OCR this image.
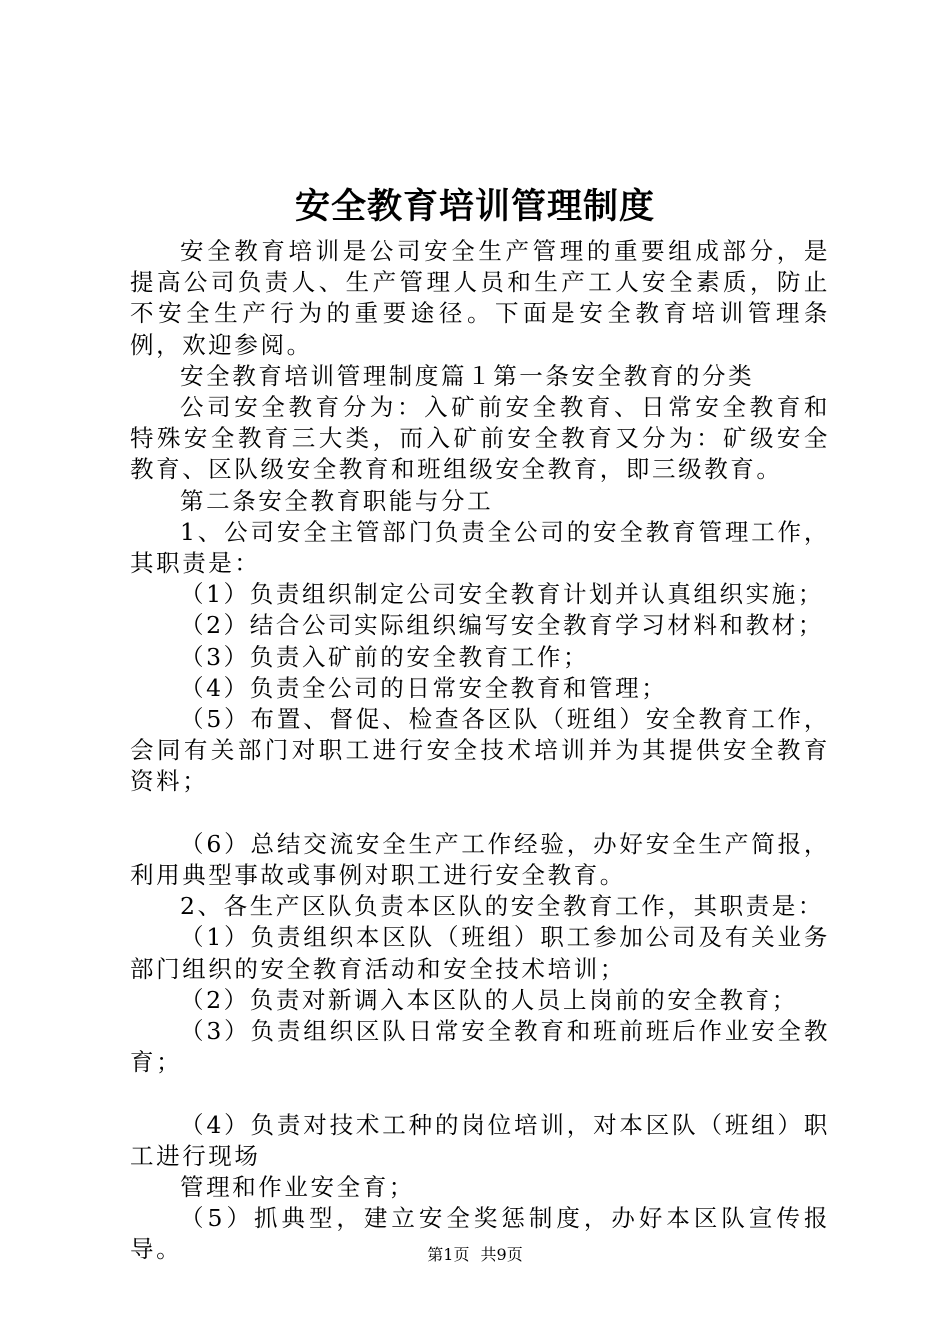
安全教育培训管理制度

安全教育培训是公司安全生产管理的重要组成部分，是提高公司负责人、生产管理人员和生产工人安全素质，防止不安全生产行为的重要途径。下面是安全教育培训管理条例，欢迎参阅。

安全教育培训管理制度篇１第一条安全教育的分类

公司安全教育分为：入矿前安全教育、日常安全教育和特殊安全教育三大类，而入矿前安全教育又分为：矿级安全教育、区队级安全教育和班组级安全教育，即三级教育。

第二条安全教育职能与分工

1、公司安全主管部门负责全公司的安全教育管理工作，其职责是：

（1）负责组织制定公司安全教育计划并认真组织实施；

（2）结合公司实际组织编写安全教育学习材料和教材；

（3）负责入矿前的安全教育工作；

（4）负责全公司的日常安全教育和管理；

（5）布置、督促、检查各区队（班组）安全教育工作，会同有关部门对职工进行安全技术培训并为其提供安全教育资料；

（6）总结交流安全生产工作经验，办好安全生产简报，利用典型事故或事例对职工进行安全教育。

2、各生产区队负责本区队的安全教育工作，其职责是：

（1）负责组织本区队（班组）职工参加公司及有关业务部门组织的安全教育活动和安全技术培训；

（2）负责对新调入本区队的人员上岗前的安全教育；

（3）负责组织区队日常安全教育和班前班后作业安全教育；

（4）负责对技术工种的岗位培训，对本区队（班组）职工进行现场

管理和作业安全育；

（5）抓典型，建立安全奖惩制度，办好本区队宣传报导。	第1页 共9页
